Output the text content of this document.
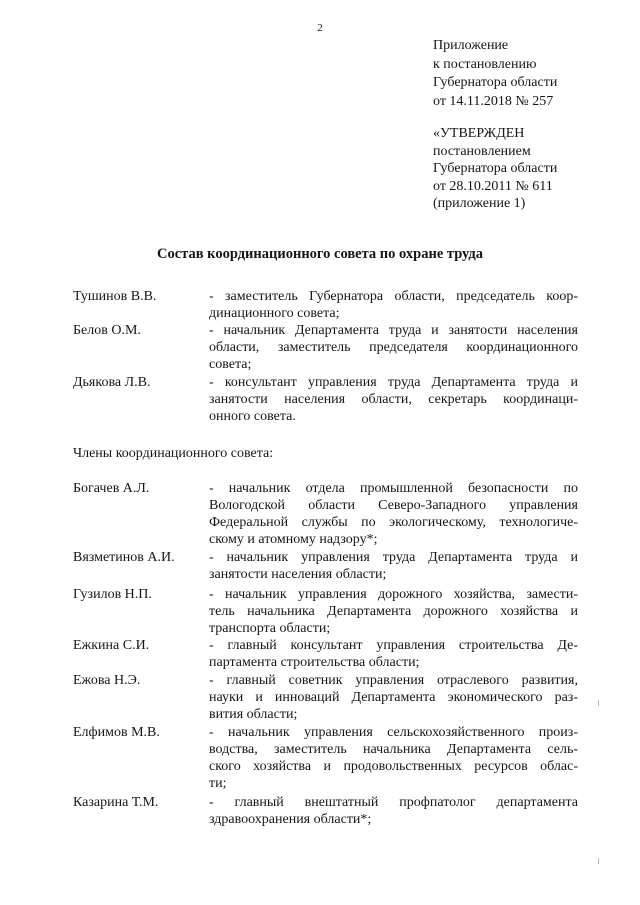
2
Приложение
к постановлению
Губернатора области
от 14.11.2018 № 257
«УТВЕРЖДЕН
постановлением
Губернатора области
от 28.10.2011 № 611
(приложение 1)
Состав координационного совета по охране труда
Тушинов В.В.	- заместитель Губернатора области, председатель коор-
динационного совета;
Белов О.М.	- начальник Департамента труда и занятости населения
области, заместитель председателя координационного
совета;
Дьякова Л.В.	- консультант управления труда Департамента труда и
занятости населения области, секретарь координаци-
онного совета.
Члены координационного совета:
Богачев А.Л.	- начальник отдела промышленной безопасности по
Вологодской области Северо-Западного управления
Федеральной службы по экологическому, технологиче-
скому и атомному надзору*;
Вязметинов А.И. - начальник управления труда Департамента труда и
занятости населения области;
Гузилов Н.П.	- начальник управления дорожного хозяйства, замести-
тель начальника Департамента дорожного хозяйства и
транспорта области;
Ежкина С.И.	- главный консультант управления строительства Де-
партамента строительства области;
Ежова Н.Э.	- главный советник управления отраслевого развития,
науки и инноваций Департамента экономического раз-
вития области;
Елфимов М.В.	- начальник управления сельскохозяйственного произ-
водства, заместитель начальника Департамента сель-
ского хозяйства и продовольственных ресурсов облас-
ти;
Казарина Т.М.	- главный внештатный профпатолог департамента
здравоохранения области*;
